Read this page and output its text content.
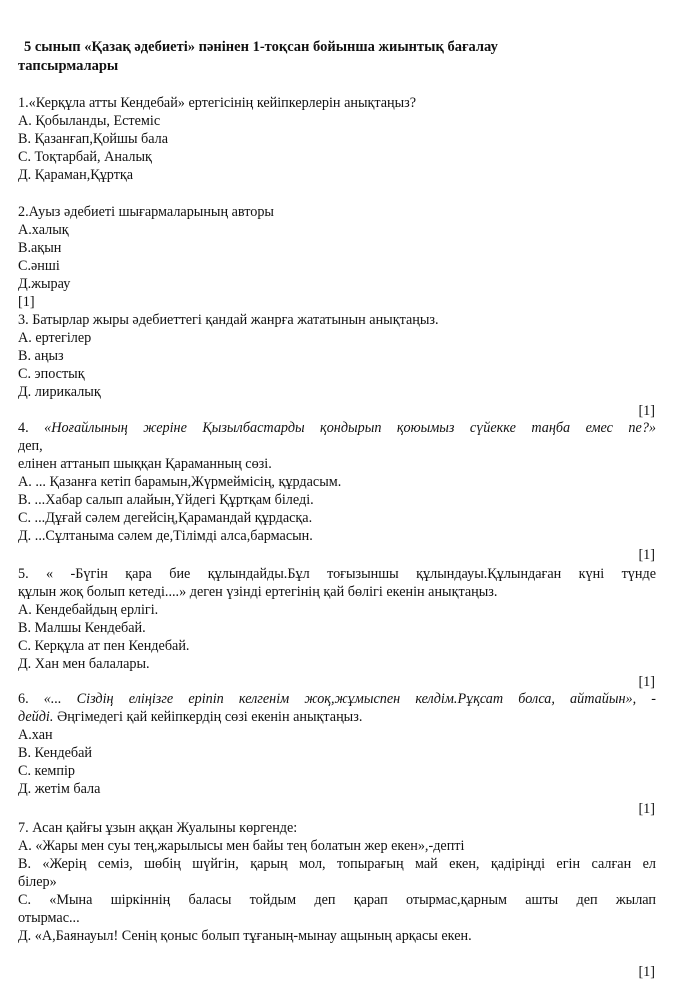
5 сынып «Қазақ әдебиеті» пәнінен 1-тоқсан бойынша жиынтық бағалау
тапсырмалары
1.«Керқұла атты Кендебай» ертегісінің кейіпкерлерін анықтаңыз?
А. Қобыланды, Естеміс
В. Қазанғап,Қойшы бала
С. Тоқтарбай, Аналық
Д. Қараман,Құртқа
2.Ауыз әдебиеті шығармаларының авторы
А.халық
В.ақын
С.әнші
Д.жырау
[1]
3. Батырлар жыры әдебиеттегі қандай жанрға жататынын анықтаңыз.
А. ертегілер
В. аңыз
С. эпостық
Д. лирикалық
[1]
4. «Ноғайлының жеріне Қызылбастарды қондырып қоюымыз сүйекке таңба емес пе?»
деп,
елінен аттанып шыққан Қараманның сөзі.
А. ... Қазанға кетіп барамын,Жүрмеймісің, құрдасым.
В. ...Хабар салып алайын,Үйдегі Құртқам біледі.
С. ...Дұғай сәлем дегейсің,Қарамандай құрдасқа.
Д. ...Сұлтаныма сәлем де,Тілімді алса,бармасын.
[1]
5. « -Бүгін қара бие құлындайды.Бұл тоғызыншы құлындауы.Құлындаған күні түнде
құлын жоқ болып кетеді....» деген үзінді ертегінің қай бөлігі екенін анықтаңыз.
А. Кендебайдың ерлігі.
В. Малшы Кендебай.
С. Керқұла ат пен Кендебай.
Д. Хан мен балалары.
[1]
6. «... Сіздің еліңізге еріпіп келгенім жоқ,жұмыспен келдім.Рұқсат болса, айтайын», -
дейді. Әңгімедегі қай кейіпкердің сөзі екенін анықтаңыз.
А.хан
В. Кендебай
С. кемпір
Д. жетім бала
[1]
7. Асан қайғы ұзын аққан Жуалыны көргенде:
А. «Жары мен суы тең,жарылысы мен байы тең болатын жер екен»,-депті
В. «Жерің семіз, шөбің шүйгін, қарың мол, топырағың май екен, қадіріңді егін салған ел
білер»
С. «Мына шіркіннің баласы тойдым деп қарап отырмас,қарным ашты деп жылап
отырмас...
Д. «А,Баянауыл! Сенің қоныс болып тұғаның-мынау ащының арқасы екен.
[1]
